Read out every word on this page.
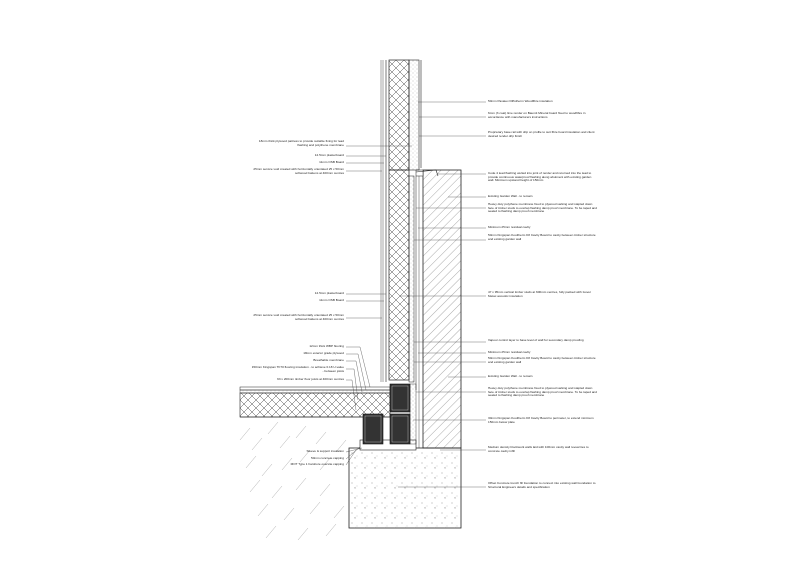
50mm Pavatex Diffutherm Woodfibre insulation
6mm (3 coat) lime render on Baumit Mineral board fixed to woodfibre in accordance with manufacturers instructions
Proprietary base rail with drip on profile to suit fibre board insulation and client desired render drip finish
Code 4 lead flashing welted into joint of render and returned into the lead to provide continuous waterproof flashing along abutment with existing garden wall. Minimum upstand height of 150mm
Existing Garden Wall - to remain
Heavy duty polythene membrane fixed to plywood sarking and stapled down face of timber studs to overlap flashing damp proof membrane. To be taped and sealed to flashing damp proof membrane
Minimum 25mm residual cavity
50mm Kingspan Kooltherm K8 Cavity Board to cavity between timber structure and existing garden wall
47 x 95mm vertical timber studs at 600mm centres, fully packed with Isover Metac acoustic insulation
Vapour control layer to base level of wall for secondary damp proofing
Minimum 25mm residual cavity
50mm Kingspan Kooltherm K8 Cavity Board to cavity between timber structure and existing garden wall
Existing Garden Wall - to remain
Heavy duty polythene membrane fixed to plywood sarking and stapled down face of timber studs to overlap flashing damp proof membrane. To be taped and sealed to flashing damp proof membrane
30mm Kingspan Kooltherm K8 Cavity Board to perimeter, to extend minimum 150mm below plate
Medium density blockwork walls laid with 100mm cavity wall reveal ties to concrete cavity infill
Offset Concrete trench fill foundation to connect into existing wall foundation to Structural Engineers details and specification
18mm thick plywood pattress to provide suitable fixing for lead flashing and polythene membrane
12.5mm plasterboard
11mm OSB Board
25mm service void created with horizontally orientated 25 x 50mm softwood battens at 400mm centres
12.5mm plasterboard
11mm OSB Board
25mm service void created with horizontally orientated 25 x 50mm softwood battens at 400mm centres
12mm thick WBP flooring
18mm exterior grade plywood
Breathable membrane
150mm Kingspan TF70 flooring insulation - to achieve 0.18 U-value - between joists
63 x 200mm timber floor joists at 400mm centres
Sleeve & support insulation
50mm concrete capping
MOT Type 1 hardcore oversite capping
